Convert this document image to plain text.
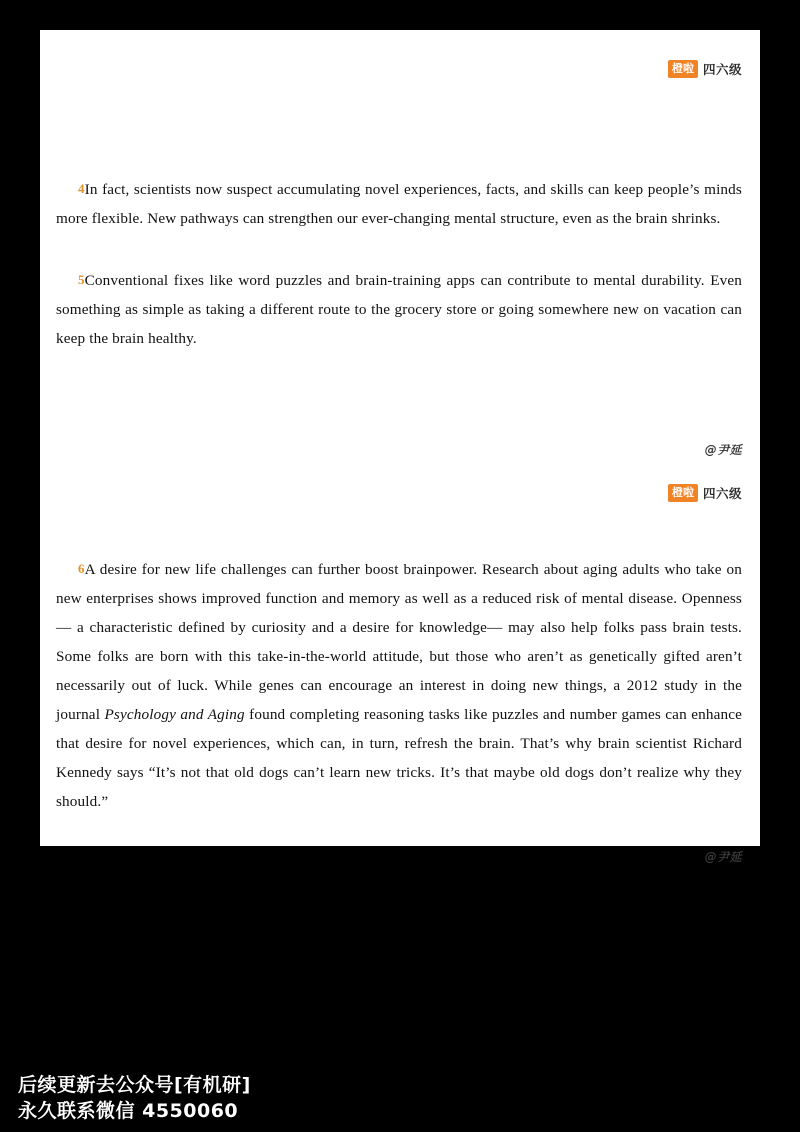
橙啦 四六级

4In fact, scientists now suspect accumulating novel experiences, facts, and skills can keep people’s minds more flexible. New pathways can strengthen our ever-changing mental structure, even as the brain shrinks.

5Conventional fixes like word puzzles and brain-training apps can contribute to mental durability. Even something as simple as taking a different route to the grocery store or going somewhere new on vacation can keep the brain healthy.

@尹延
橙啦 四六级

6A desire for new life challenges can further boost brainpower. Research about aging adults who take on new enterprises shows improved function and memory as well as a reduced risk of mental disease. Openness— a characteristic defined by curiosity and a desire for knowledge— may also help folks pass brain tests. Some folks are born with this take-in-the-world attitude, but those who aren’t as genetically gifted aren’t necessarily out of luck. While genes can encourage an interest in doing new things, a 2012 study in the journal Psychology and Aging found completing reasoning tasks like puzzles and number games can enhance that desire for novel experiences, which can, in turn, refresh the brain. That’s why brain scientist Richard Kennedy says “It’s not that old dogs can’t learn new tricks. It’s that maybe old dogs don’t realize why they should.”

@尹延
后续更新去公众号[有机研]
永久联系微信 4550060
